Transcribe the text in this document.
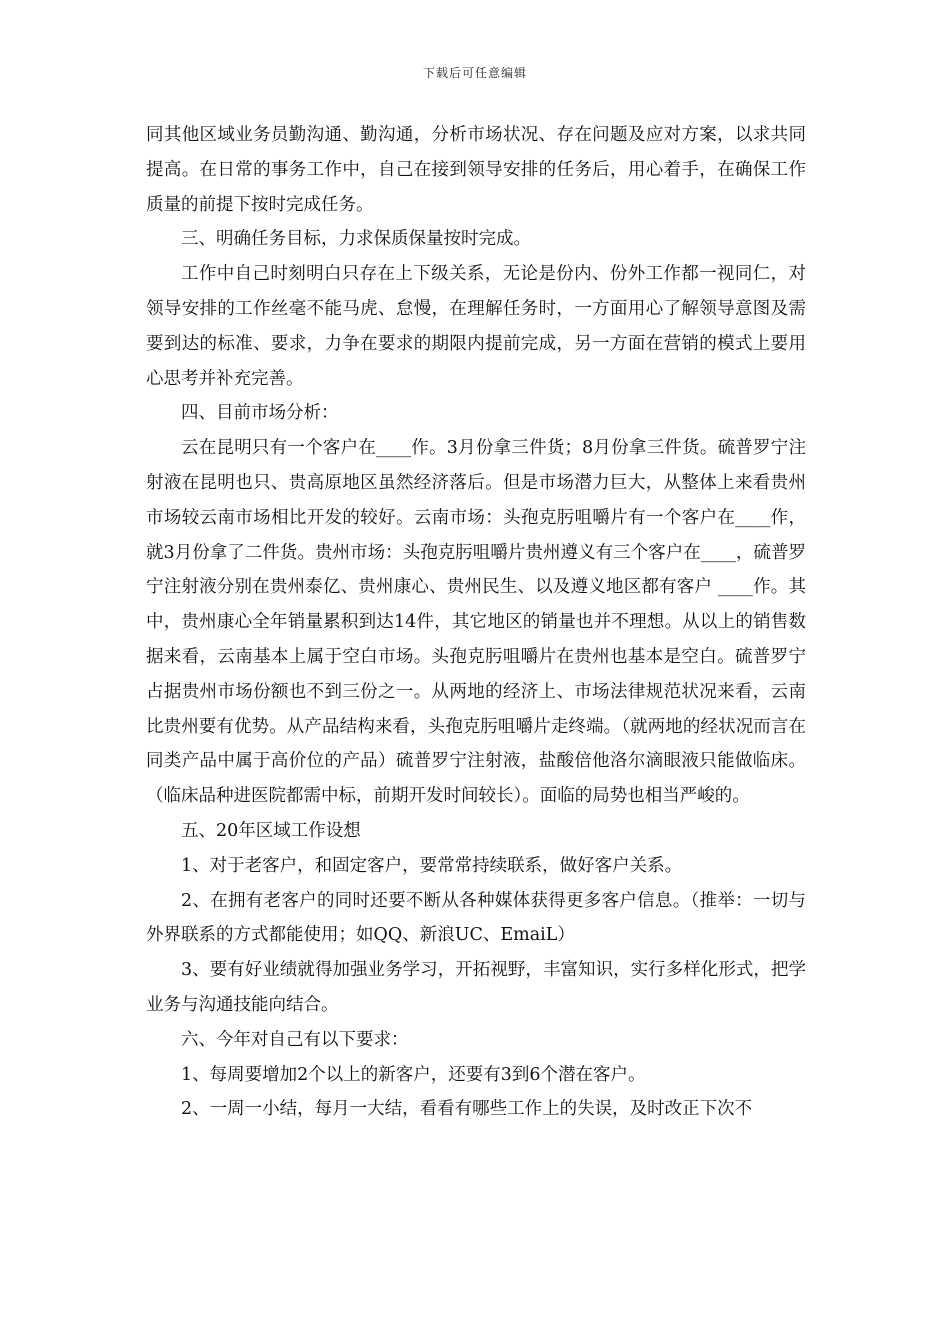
下载后可任意编辑

同其他区域业务员勤沟通、勤沟通，分析市场状况、存在问题及应对方案，以求共同提高。在日常的事务工作中，自己在接到领导安排的任务后，用心着手，在确保工作质量的前提下按时完成任务。

三、明确任务目标，力求保质保量按时完成。

工作中自己时刻明白只存在上下级关系，无论是份内、份外工作都一视同仁，对领导安排的工作丝毫不能马虎、怠慢，在理解任务时，一方面用心了解领导意图及需要到达的标准、要求，力争在要求的期限内提前完成，另一方面在营销的模式上要用心思考并补充完善。

四、目前市场分析：

云在昆明只有一个客户在____作。3月份拿三件货；8月份拿三件货。硫普罗宁注射液在昆明也只、贵高原地区虽然经济落后。但是市场潜力巨大，从整体上来看贵州市场较云南市场相比开发的较好。云南市场：头孢克肟咀嚼片有一个客户在____作，就3月份拿了二件货。贵州市场：头孢克肟咀嚼片贵州遵义有三个客户在____，硫普罗宁注射液分别在贵州泰亿、贵州康心、贵州民生、以及遵义地区都有客户 ____作。其中，贵州康心全年销量累积到达14件，其它地区的销量也并不理想。从以上的销售数据来看，云南基本上属于空白市场。头孢克肟咀嚼片在贵州也基本是空白。硫普罗宁占据贵州市场份额也不到三份之一。从两地的经济上、市场法律规范状况来看，云南比贵州要有优势。从产品结构来看，头孢克肟咀嚼片走终端。（就两地的经状况而言在同类产品中属于高价位的产品）硫普罗宁注射液，盐酸倍他洛尔滴眼液只能做临床。（临床品种进医院都需中标，前期开发时间较长）。面临的局势也相当严峻的。

五、20年区域工作设想

1、对于老客户，和固定客户，要常常持续联系，做好客户关系。

2、在拥有老客户的同时还要不断从各种媒体获得更多客户信息。（推举：一切与外界联系的方式都能使用；如QQ、新浪UC、EmaiL）

3、要有好业绩就得加强业务学习，开拓视野，丰富知识，实行多样化形式，把学业务与沟通技能向结合。

六、今年对自己有以下要求：

1、每周要增加2个以上的新客户，还要有3到6个潜在客户。

2、一周一小结，每月一大结，看看有哪些工作上的失误，及时改正下次不
